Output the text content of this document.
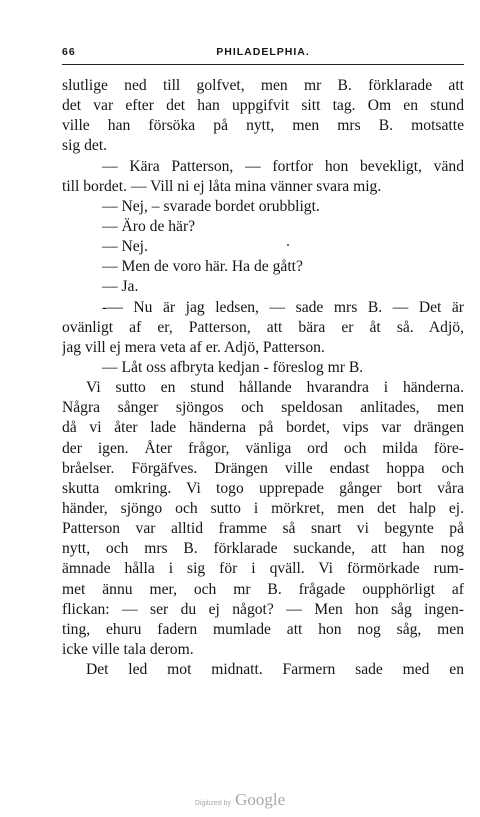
66	PHILADELPHIA.
slutlige ned till golfvet, men mr B. förklarade att
det var efter det han uppgifvit sitt tag. Om en stund
ville han försöka på nytt, men mrs B. motsatte
sig det.
— Kära Patterson, — fortfor hon bevekligt, vänd
till bordet. — Vill ni ej låta mina vänner svara mig.
— Nej, – svarade bordet orubbligt.
— Äro de här?
— Nej.
— Men de voro här. Ha de gått?
— Ja.
-— Nu är jag ledsen, — sade mrs B. — Det är
ovänligt af er, Patterson, att bära er åt så. Adjö,
jag vill ej mera veta af er. Adjö, Patterson.
— Låt oss afbryta kedjan - föreslog mr B.
Vi sutto en stund hållande hvarandra i händerna.
Några sånger sjöngos och speldosan anlitades, men
då vi åter lade händerna på bordet, vips var drängen
der igen. Åter frågor, vänliga ord och milda före-
bråelser. Förgäfves. Drängen ville endast hoppa och
skutta omkring. Vi togo upprepade gånger bort våra
händer, sjöngo och sutto i mörkret, men det halp ej.
Patterson var alltid framme så snart vi begynte på
nytt, och mrs B. förklarade suckande, att han nog
ämnade hålla i sig för i qväll. Vi förmörkade rum-
met ännu mer, och mr B. frågade oupphörligt af
flickan: — ser du ej något? — Men hon såg ingen-
ting, ehuru fadern mumlade att hon nog såg, men
icke ville tala derom.
Det led mot midnatt. Farmern sade med en
Digitized by Google
